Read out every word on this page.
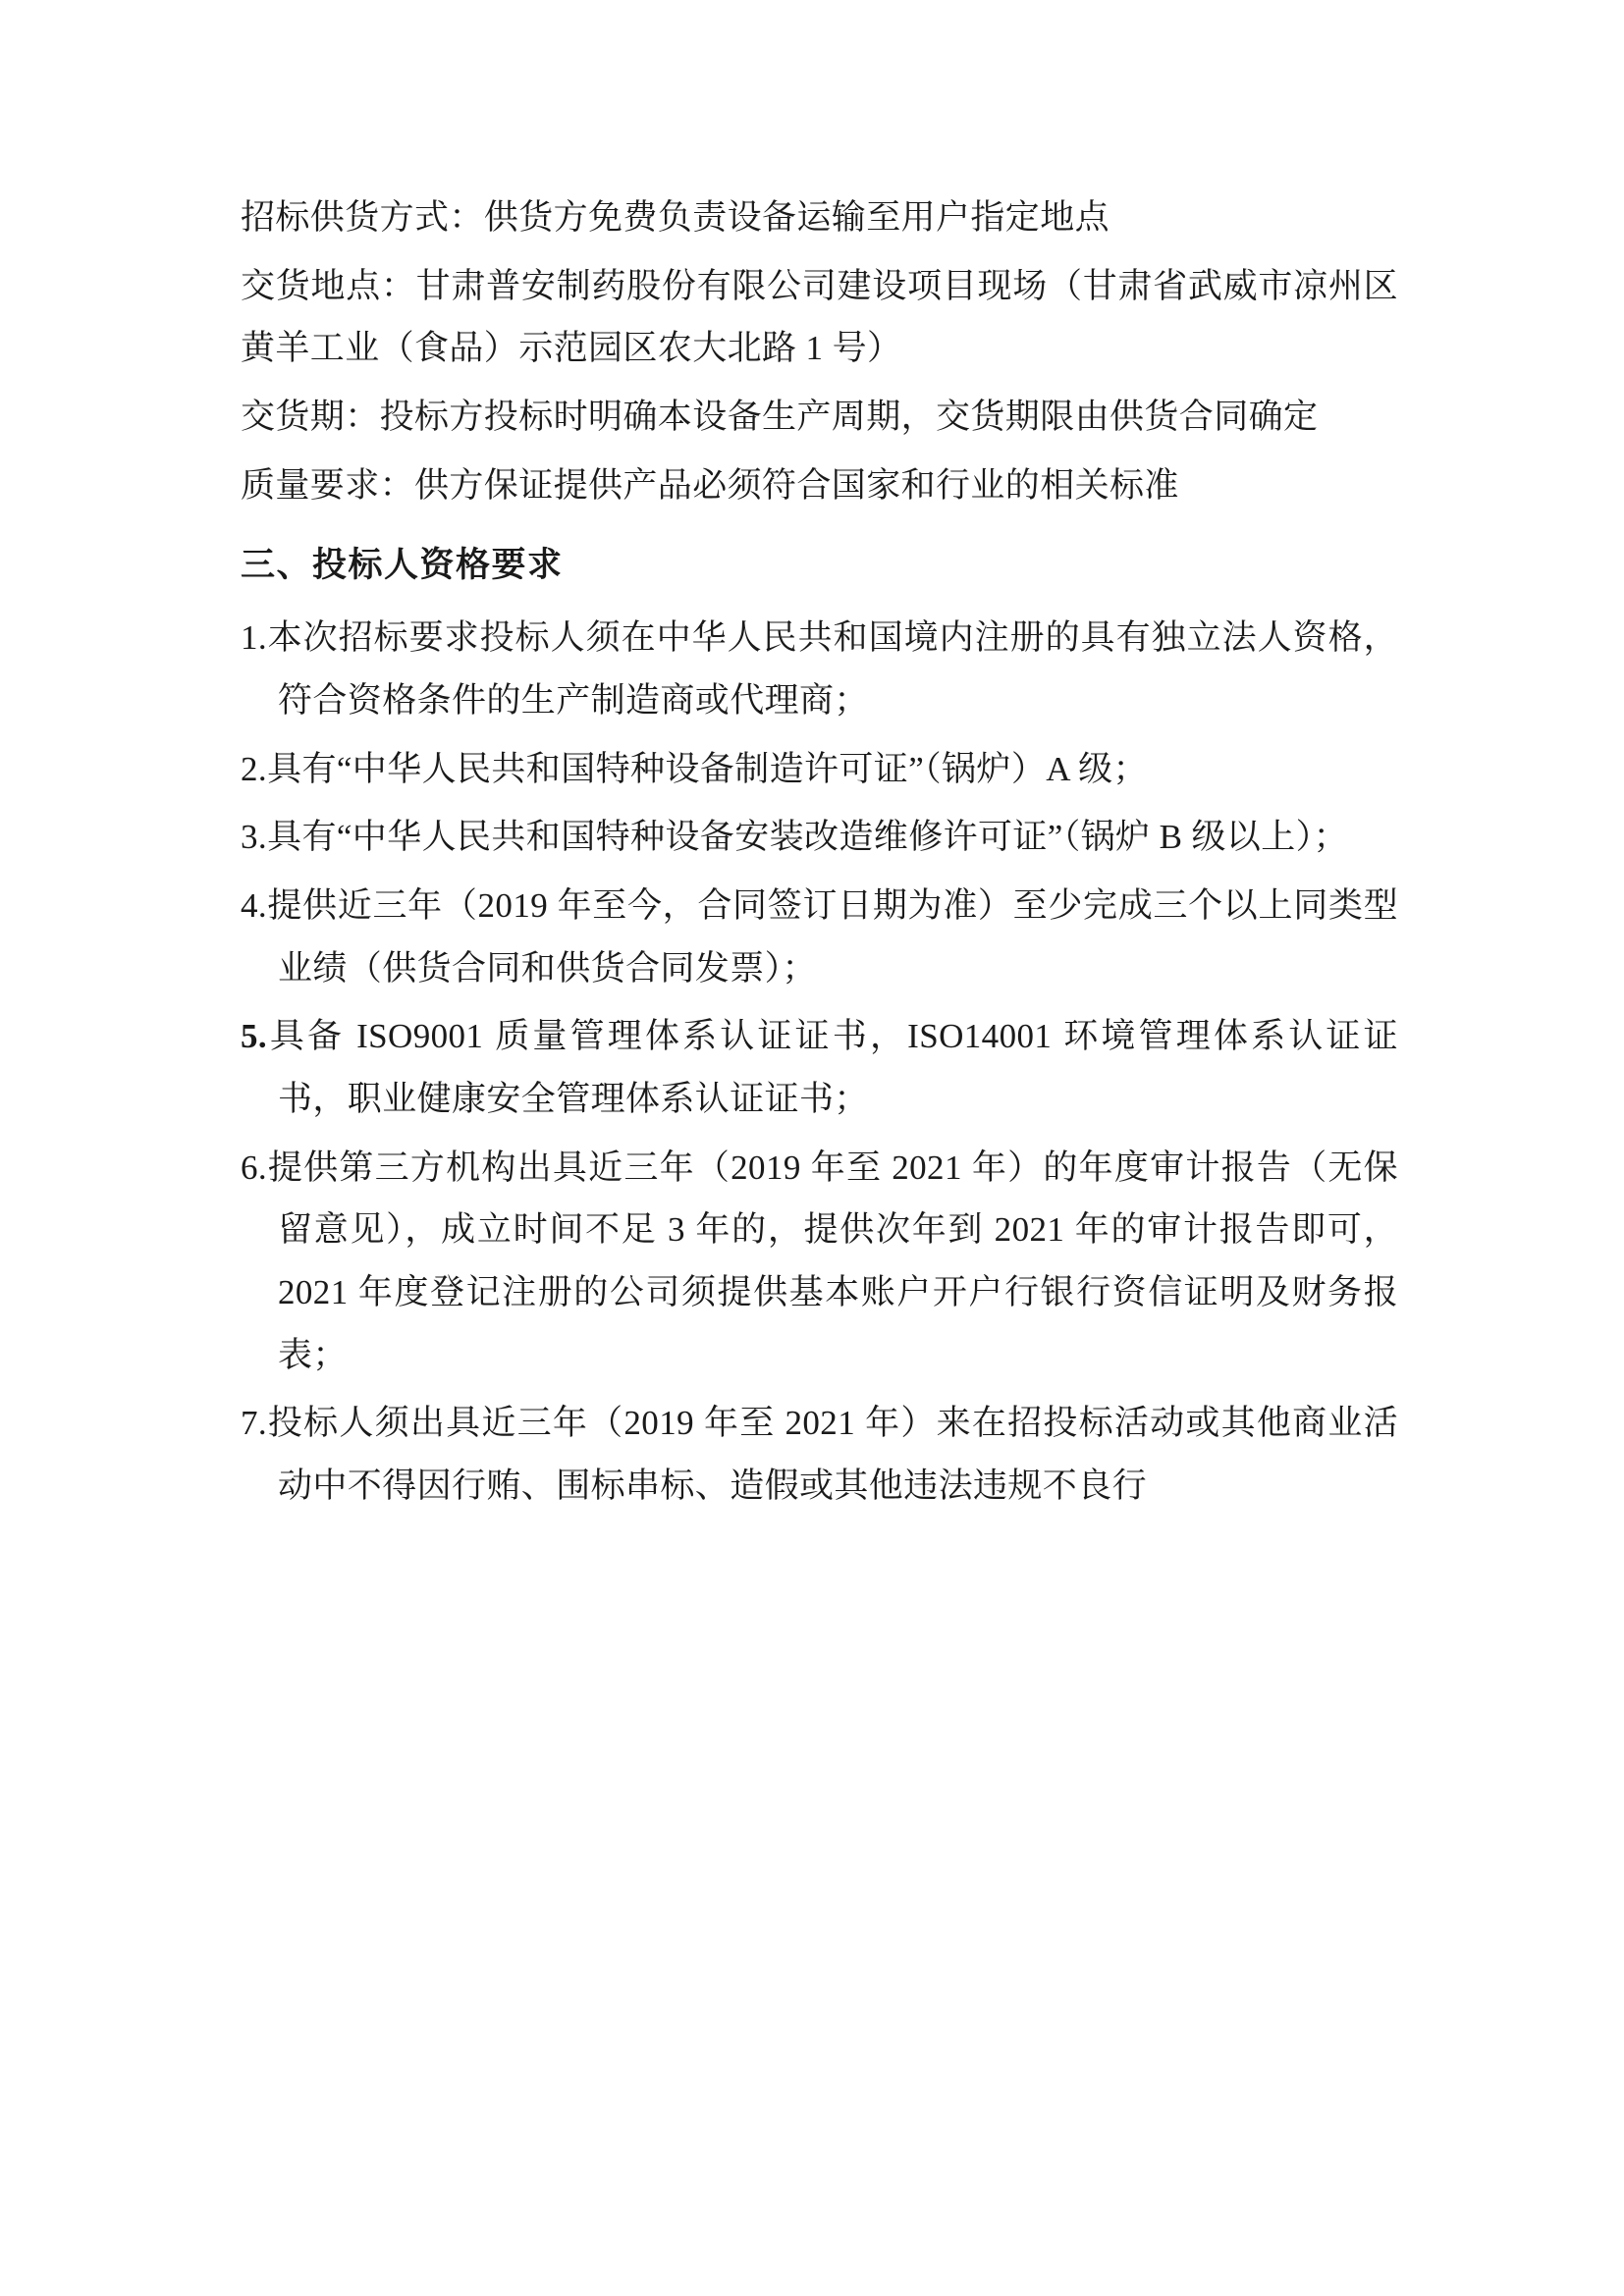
招标供货方式：供货方免费负责设备运输至用户指定地点

交货地点：甘肃普安制药股份有限公司建设项目现场（甘肃省武威市凉州区黄羊工业（食品）示范园区农大北路 1 号）

交货期：投标方投标时明确本设备生产周期，交货期限由供货合同确定

质量要求：供方保证提供产品必须符合国家和行业的相关标准

三、投标人资格要求

1.本次招标要求投标人须在中华人民共和国境内注册的具有独立法人资格，符合资格条件的生产制造商或代理商；

2.具有“中华人民共和国特种设备制造许可证”（锅炉）A 级；

3.具有“中华人民共和国特种设备安装改造维修许可证”（锅炉 B 级以上）；

4.提供近三年（2019 年至今，合同签订日期为准）至少完成三个以上同类型业绩（供货合同和供货合同发票）；

5.具备 ISO9001 质量管理体系认证证书，ISO14001 环境管理体系认证证书，职业健康安全管理体系认证证书；

6.提供第三方机构出具近三年（2019 年至 2021 年）的年度审计报告（无保留意见），成立时间不足 3 年的，提供次年到 2021 年的审计报告即可，2021 年度登记注册的公司须提供基本账户开户行银行资信证明及财务报表；

7.投标人须出具近三年（2019 年至 2021 年）来在招投标活动或其他商业活动中不得因行贿、围标串标、造假或其他违法违规不良行
